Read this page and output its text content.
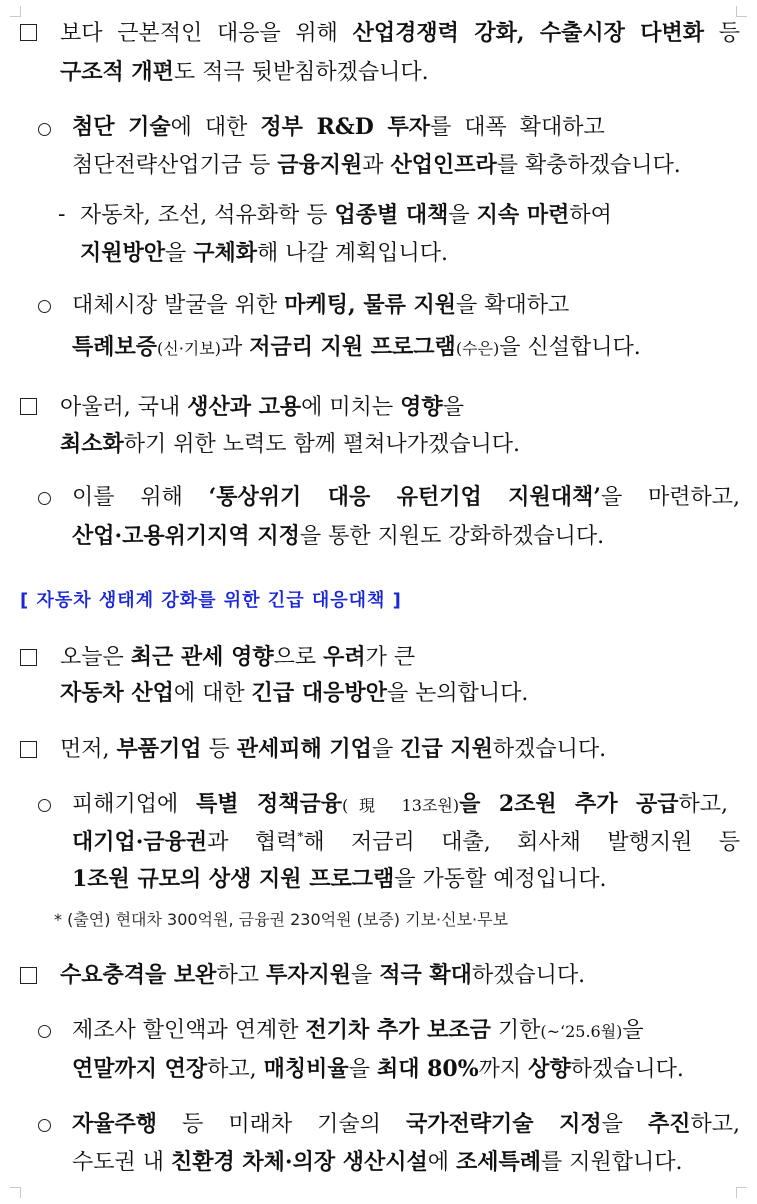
보다 근본적인 대응을 위해 산업경쟁력 강화, 수출시장 다변화 등
구조적 개편도 적극 뒷받침하겠습니다.
첨단 기술에 대한 정부 R&D 투자를 대폭 확대하고
첨단전략산업기금 등 금융지원과 산업인프라를 확충하겠습니다.
- 자동차, 조선, 석유화학 등 업종별 대책을 지속 마련하여
지원방안을 구체화해 나갈 계획입니다.
대체시장 발굴을 위한 마케팅, 물류 지원을 확대하고
특례보증(신·기보)과 저금리 지원 프로그램(수은)을 신설합니다.
아울러, 국내 생산과 고용에 미치는 영향을
최소화하기 위한 노력도 함께 펼쳐나가겠습니다.
이를 위해 ‘통상위기 대응 유턴기업 지원대책’을 마련하고,
산업·고용위기지역 지정을 통한 지원도 강화하겠습니다.
[ 자동차 생태계 강화를 위한 긴급 대응대책 ]
오늘은 최근 관세 영향으로 우려가 큰
자동차 산업에 대한 긴급 대응방안을 논의합니다.
먼저, 부품기업 등 관세피해 기업을 긴급 지원하겠습니다.
피해기업에 특별 정책금융(現 13조원)을 2조원 추가 공급하고,
대기업·금융권과 협력*해 저금리 대출, 회사채 발행지원 등
1조원 규모의 상생 지원 프로그램을 가동할 예정입니다.
* (출연) 현대차 300억원, 금융권 230억원 (보증) 기보·신보·무보
수요충격을 보완하고 투자지원을 적극 확대하겠습니다.
제조사 할인액과 연계한 전기차 추가 보조금 기한(~‘25.6월)을
연말까지 연장하고, 매칭비율을 최대 80%까지 상향하겠습니다.
자율주행 등 미래차 기술의 국가전략기술 지정을 추진하고,
수도권 내 친환경 차체·의장 생산시설에 조세특례를 지원합니다.
